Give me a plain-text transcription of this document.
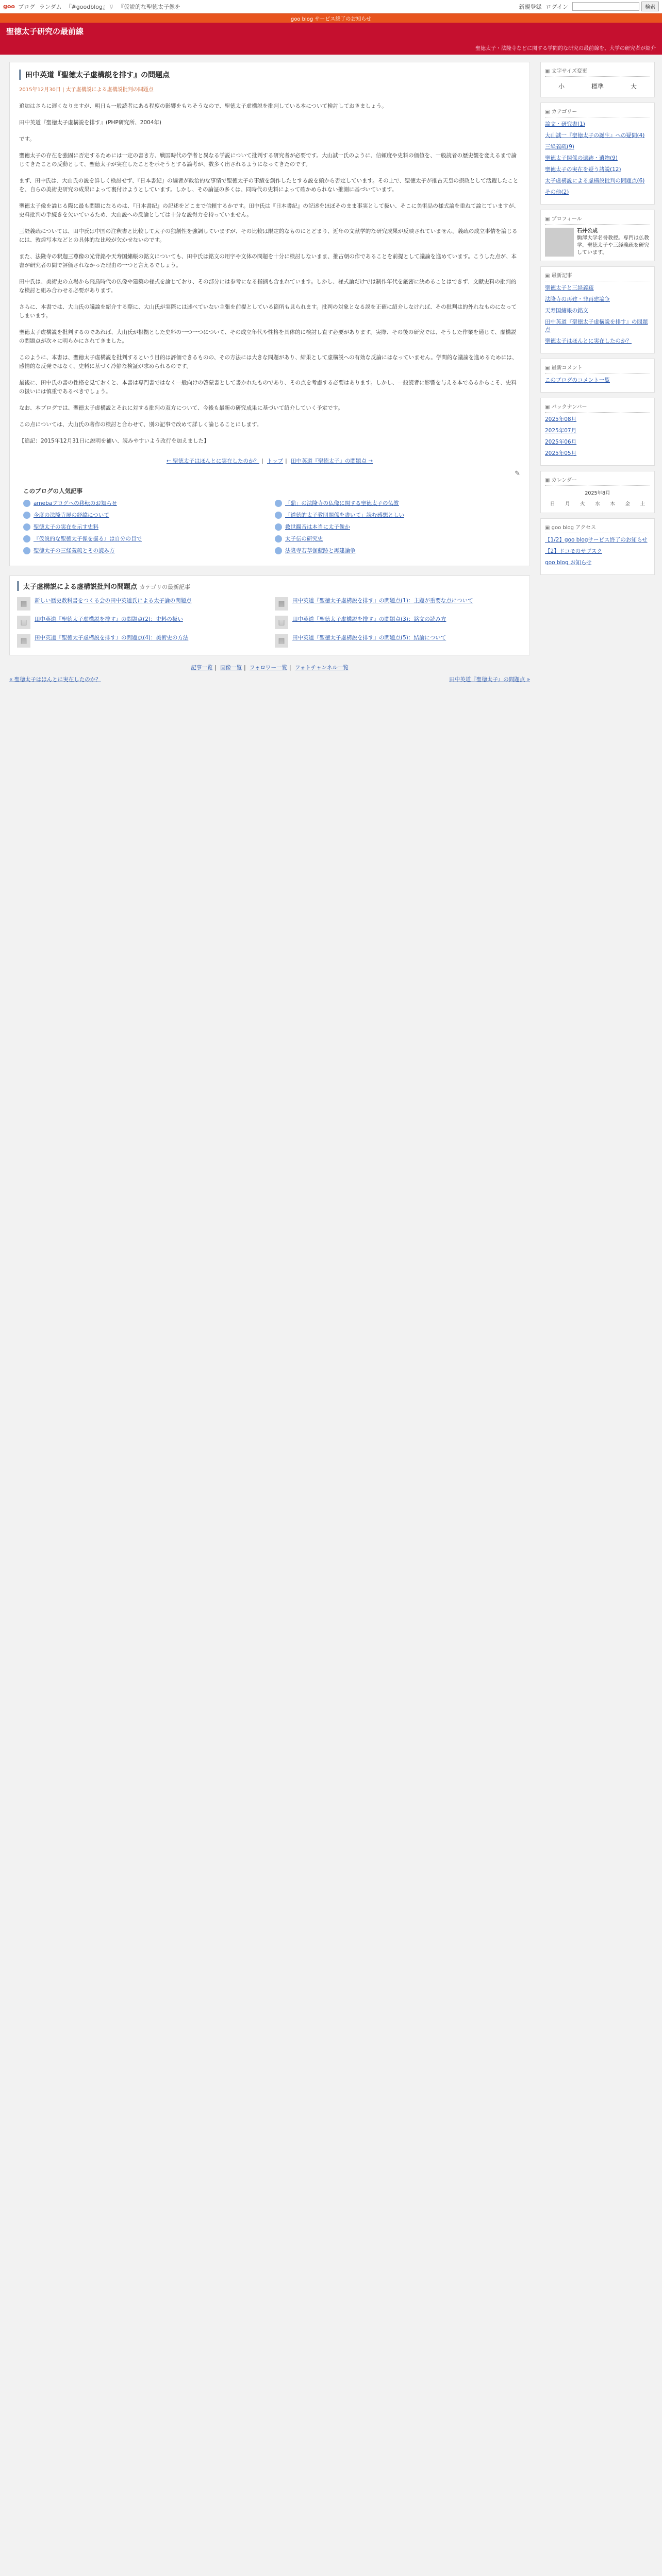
goo ブログ ランダム 『#goodblog』リ 『仮説的な聖徳太子像を	新規登録 ログイン	検索
goo blog サービス終了のお知らせ
聖徳太子研究の最前線
聖徳太子・法隆寺などに関する学問的な研究の最前線を、大学の研究者が紹介
田中英道『聖徳太子虚構説を排す』の問題点
2015年12月30日 | 太子虚構説による虚構説批判の問題点

追加はさらに遅くなりますが、明日も一般読者にある程度の影響をもちそうなので、聖徳太子虚構説を批判している本について検討しておきましょう。

田中英道『聖徳太子虚構説を排す』(PHP研究所、2004年)

です。

聖徳太子の存在を強固に否定するためには一定の書き方、戦国時代の学者と異なる学説について批判する研究者が必要です。大山誠一氏のように、信頼度や史料の価値を、一般読者の歴史観を変えるまで論じてきたことの反動として、聖徳太子が実在したことを示そうとする論考が、数多く出されるようになってきたのです。

まず、田中氏は、大山氏の説を詳しく検討せず、『日本書紀』の編者が政治的な事情で聖徳太子の事績を創作したとする説を頭から否定しています。その上で、聖徳太子が推古天皇の摂政として活躍したことを、自らの美術史研究の成果によって裏付けようとしています。しかし、その論証の多くは、同時代の史料によって確かめられない推測に基づいています。

聖徳太子像を論じる際に最も問題になるのは、『日本書紀』の記述をどこまで信頼するかです。田中氏は『日本書紀』の記述をほぼそのまま事実として扱い、そこに美術品の様式論を重ねて論じていますが、史料批判の手続きを欠いているため、大山説への反論としては十分な説得力を持っていません。

三経義疏については、田中氏は中国の注釈書と比較して太子の独創性を強調していますが、その比較は限定的なものにとどまり、近年の文献学的な研究成果が反映されていません。義疏の成立事情を論じるには、敦煌写本などとの具体的な比較が欠かせないのです。

また、法隆寺の釈迦三尊像の光背銘や天寿国繡帳の銘文についても、田中氏は銘文の用字や文体の問題を十分に検討しないまま、推古朝の作であることを前提として議論を進めています。こうした点が、本書が研究者の間で評価されなかった理由の一つと言えるでしょう。

田中氏は、美術史の立場から飛鳥時代の仏像や建築の様式を論じており、その部分には参考になる指摘も含まれています。しかし、様式論だけでは制作年代を厳密に決めることはできず、文献史料の批判的な検討と組み合わせる必要があります。

さらに、本書では、大山氏の議論を紹介する際に、大山氏が実際には述べていない主張を前提としている箇所も見られます。批判の対象となる説を正確に紹介しなければ、その批判は的外れなものになってしまいます。

聖徳太子虚構説を批判するのであれば、大山氏が根拠とした史料の一つ一つについて、その成立年代や性格を具体的に検討し直す必要があります。実際、その後の研究では、そうした作業を通じて、虚構説の問題点が次々に明らかにされてきました。

このように、本書は、聖徳太子虚構説を批判するという目的は評価できるものの、その方法には大きな問題があり、結果として虚構説への有効な反論にはなっていません。学問的な議論を進めるためには、感情的な反発ではなく、史料に基づく冷静な検証が求められるのです。

最後に、田中氏の書の性格を見ておくと、本書は専門書ではなく一般向けの啓蒙書として書かれたものであり、その点を考慮する必要はあります。しかし、一般読者に影響を与える本であるからこそ、史料の扱いには慎重であるべきでしょう。

なお、本ブログでは、聖徳太子虚構説とそれに対する批判の双方について、今後も最新の研究成果に基づいて紹介していく予定です。

この点については、大山氏の著作の検討と合わせて、別の記事で改めて詳しく論じることにします。

【追記：2015年12月31日に説明を補い、読みやすいよう改行を加えました】

← 聖徳太子はほんとに実在したのか？ | トップ | 田中英道『聖徳太子』の問題点 →
✎
このブログの人気記事
amebaブログへの移転のお知らせ	「鼎」の法隆寺の仏像に関する聖徳太子の仏教
今度の法隆寺展の経緯について	「道徳的太子教団関係を書いて」読む感想としい
聖徳太子の実在を示す史料	救世観音は本当に太子像か
『仮説的な聖徳太子像を掘る』は自分の目で	太子伝の研究史
聖徳太子の三経義疏とその読み方	法隆寺若草伽藍跡と再建論争
太子虚構説による虚構説批判の問題点 カテゴリの最新記事
▤	新しい歴史教科書をつくる会の田中英道氏による太子論の問題点	▤	田中英道『聖徳太子虚構説を排す』の問題点(1)：主題が重要な点について
▤	田中英道『聖徳太子虚構説を排す』の問題点(2)：史料の扱い	▤	田中英道『聖徳太子虚構説を排す』の問題点(3)：銘文の読み方
▤	田中英道『聖徳太子虚構説を排す』の問題点(4)：美術史の方法	▤	田中英道『聖徳太子虚構説を排す』の問題点(5)：結論について
記事一覧 | 画像一覧 | フォロワー一覧 | フォトチャンネル一覧
« 聖徳太子はほんとに実在したのか？	田中英道『聖徳太子』の問題点 »
▣ 文字サイズ変更
小	標準	大
▣ カテゴリー
論文・研究書(1)
大山誠一『聖徳太子の誕生』への疑問(4)
三経義疏(9)
聖徳太子関係の遺跡・遺物(9)
聖徳太子の実在を疑う諸説(12)
太子虚構説による虚構説批判の問題点(6)
その他(2)
▣ プロフィール
石井公成
駒澤大学名誉教授。専門は仏教学。聖徳太子や三経義疏を研究しています。
▣ 最新記事
聖徳太子と三経義疏
法隆寺の再建・非再建論争
天寿国繡帳の銘文
田中英道『聖徳太子虚構説を排す』の問題点
聖徳太子はほんとに実在したのか？
▣ 最新コメント
このブログのコメント一覧
▣ バックナンバー
2025年08月
2025年07月
2025年06月
2025年05月
▣ カレンダー
2025年8月
日	月	火	水	木	金	土
▣ goo blog アクセス
【1/2】goo blogサービス終了のお知らせ
【2】ドコモのサブスク
goo blog お知らせ
